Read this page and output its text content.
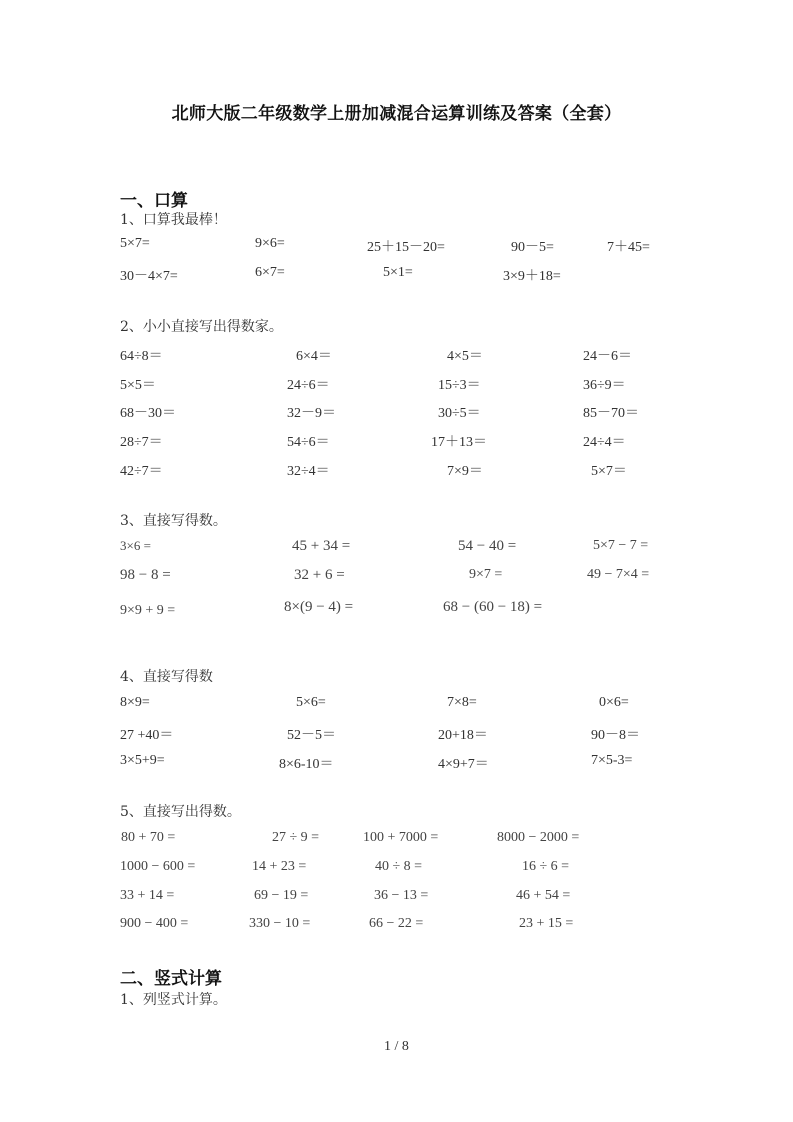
北师大版二年级数学上册加减混合运算训练及答案（全套）
一、口算
1、口算我最棒！
5×7=	9×6=	25＋15－20=	90－5=	7＋45=
30－4×7=	6×7=	5×1=	3×9＋18=
2、小小直接写出得数家。
64÷8＝	6×4＝	4×5＝	24－6＝
5×5＝	24÷6＝	15÷3＝	36÷9＝
68－30＝	32－9＝	30÷5＝	85－70＝
28÷7＝	54÷6＝	17＋13＝	24÷4＝
42÷7＝	32÷4＝	7×9＝	5×7＝
3、直接写得数。
3×6 =	45 + 34 =	54 − 40 =	5×7 − 7 =
98 − 8 =	32 + 6 =	9×7 =	49 − 7×4 =
9×9 + 9 =	8×(9 − 4) =	68 − (60 − 18) =
4、直接写得数
8×9=	5×6=	7×8=	0×6=
27 +40＝	52－5＝	20+18＝	90－8＝
3×5+9=	8×6-10＝	4×9+7＝	7×5-3=
5、直接写出得数。
80 + 70 =	27 ÷ 9 =	100 + 7000 =	8000 − 2000 =
1000 − 600 =	14 + 23 =	40 ÷ 8 =	16 ÷ 6 =
33 + 14 =	69 − 19 =	36 − 13 =	46 + 54 =
900 − 400 =	330 − 10 =	66 − 22 =	23 + 15 =
二、竖式计算
1、列竖式计算。
1 / 8
